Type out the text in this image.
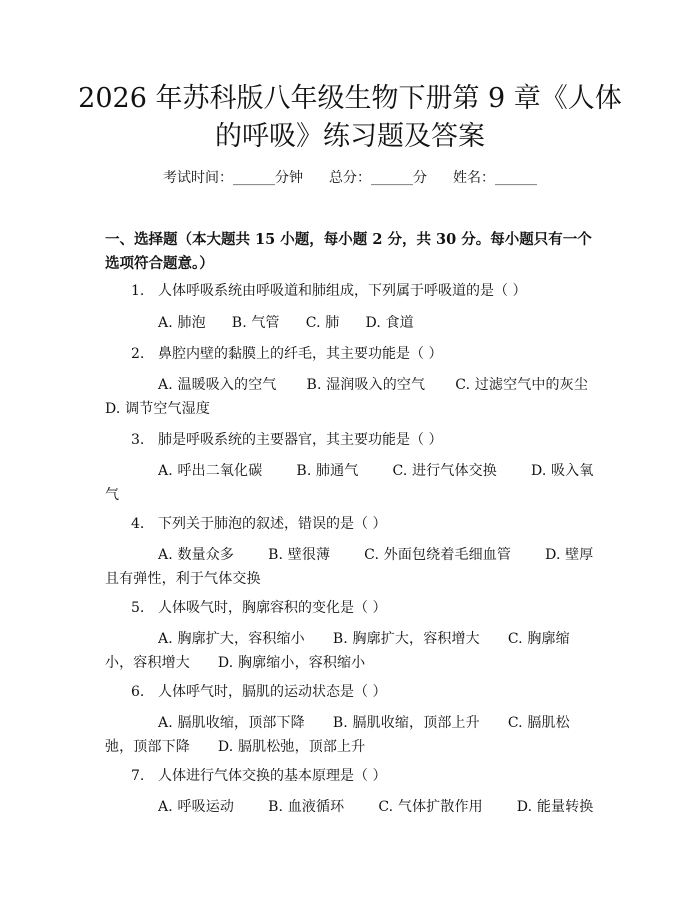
2026 年苏科版八年级生物下册第 9 章《人体
的呼吸》练习题及答案
考试时间：______分钟 总分：______分 姓名：______

一、选择题（本大题共 15 小题，每小题 2 分，共 30 分。每小题只有一个选项符合题意。）

1. 人体呼吸系统由呼吸道和肺组成，下列属于呼吸道的是（ ）
A. 肺泡 B. 气管 C. 肺 D. 食道
2. 鼻腔内壁的黏膜上的纤毛，其主要功能是（ ）
A. 温暖吸入的空气 B. 湿润吸入的空气 C. 过滤空气中的灰尘 D. 调节空气湿度
3. 肺是呼吸系统的主要器官，其主要功能是（ ）
A. 呼出二氧化碳 B. 肺通气 C. 进行气体交换 D. 吸入氧气
4. 下列关于肺泡的叙述，错误的是（ ）
A. 数量众多 B. 壁很薄 C. 外面包绕着毛细血管 D. 壁厚且有弹性，利于气体交换
5. 人体吸气时，胸廓容积的变化是（ ）
A. 胸廓扩大，容积缩小 B. 胸廓扩大，容积增大 C. 胸廓缩小，容积增大 D. 胸廓缩小，容积缩小
6. 人体呼气时，膈肌的运动状态是（ ）
A. 膈肌收缩，顶部下降 B. 膈肌收缩，顶部上升 C. 膈肌松弛，顶部下降 D. 膈肌松弛，顶部上升
7. 人体进行气体交换的基本原理是（ ）
A. 呼吸运动 B. 血液循环 C. 气体扩散作用 D. 能量转换
